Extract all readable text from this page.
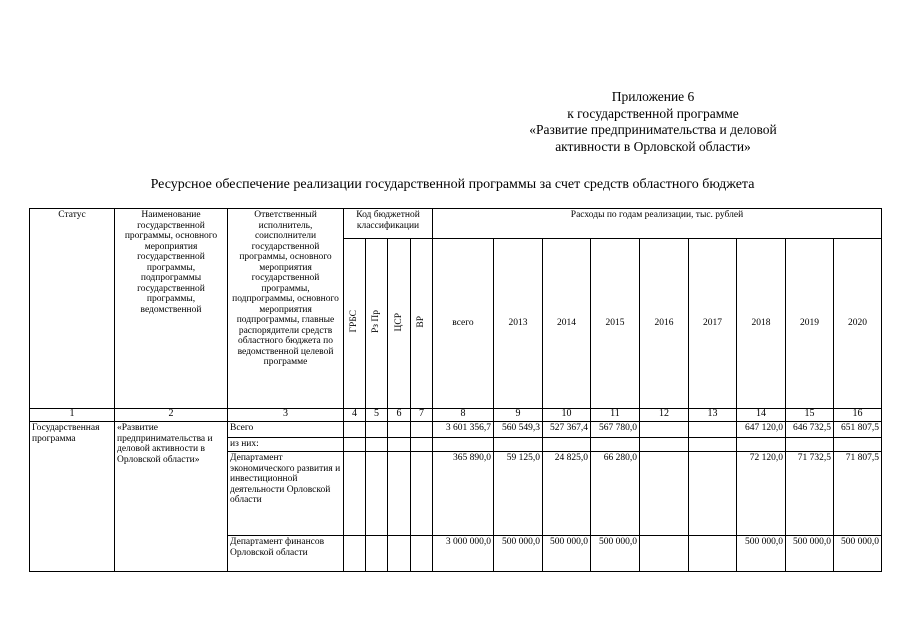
Приложение 6
к государственной программе
«Развитие предпринимательства и деловой
активности в Орловской области»
Ресурсное обеспечение реализации государственной программы за счет средств областного бюджета
Статус	Наименование государственной программы, основного мероприятия государственной программы, подпрограммы государственной программы, ведомственной	Ответственный исполнитель, соисполнители государственной программы, основного мероприятия государственной программы, подпрограммы, основного мероприятия подпрограммы, главные распорядители средств областного бюджета по ведомственной целевой программе	Код бюджетной классификации				Расходы по годам реализации, тыс. рублей								
			ГРБС	Рз Пр	ЦСР	ВР	всего	2013	2014	2015	2016	2017	2018	2019	2020
1	2	3	4	5	6	7	8	9	10	11	12	13	14	15	16
Государственная программа	«Развитие предпринимательства и деловой активности в Орловской области»	Всего					3 601 356,7	560 549,3	527 367,4	567 780,0			647 120,0	646 732,5	651 807,5
		из них:													
		Департамент экономического развития и инвестиционной деятельности Орловской области					365 890,0	59 125,0	24 825,0	66 280,0			72 120,0	71 732,5	71 807,5
		Департамент финансов Орловской области					3 000 000,0	500 000,0	500 000,0	500 000,0			500 000,0	500 000,0	500 000,0
